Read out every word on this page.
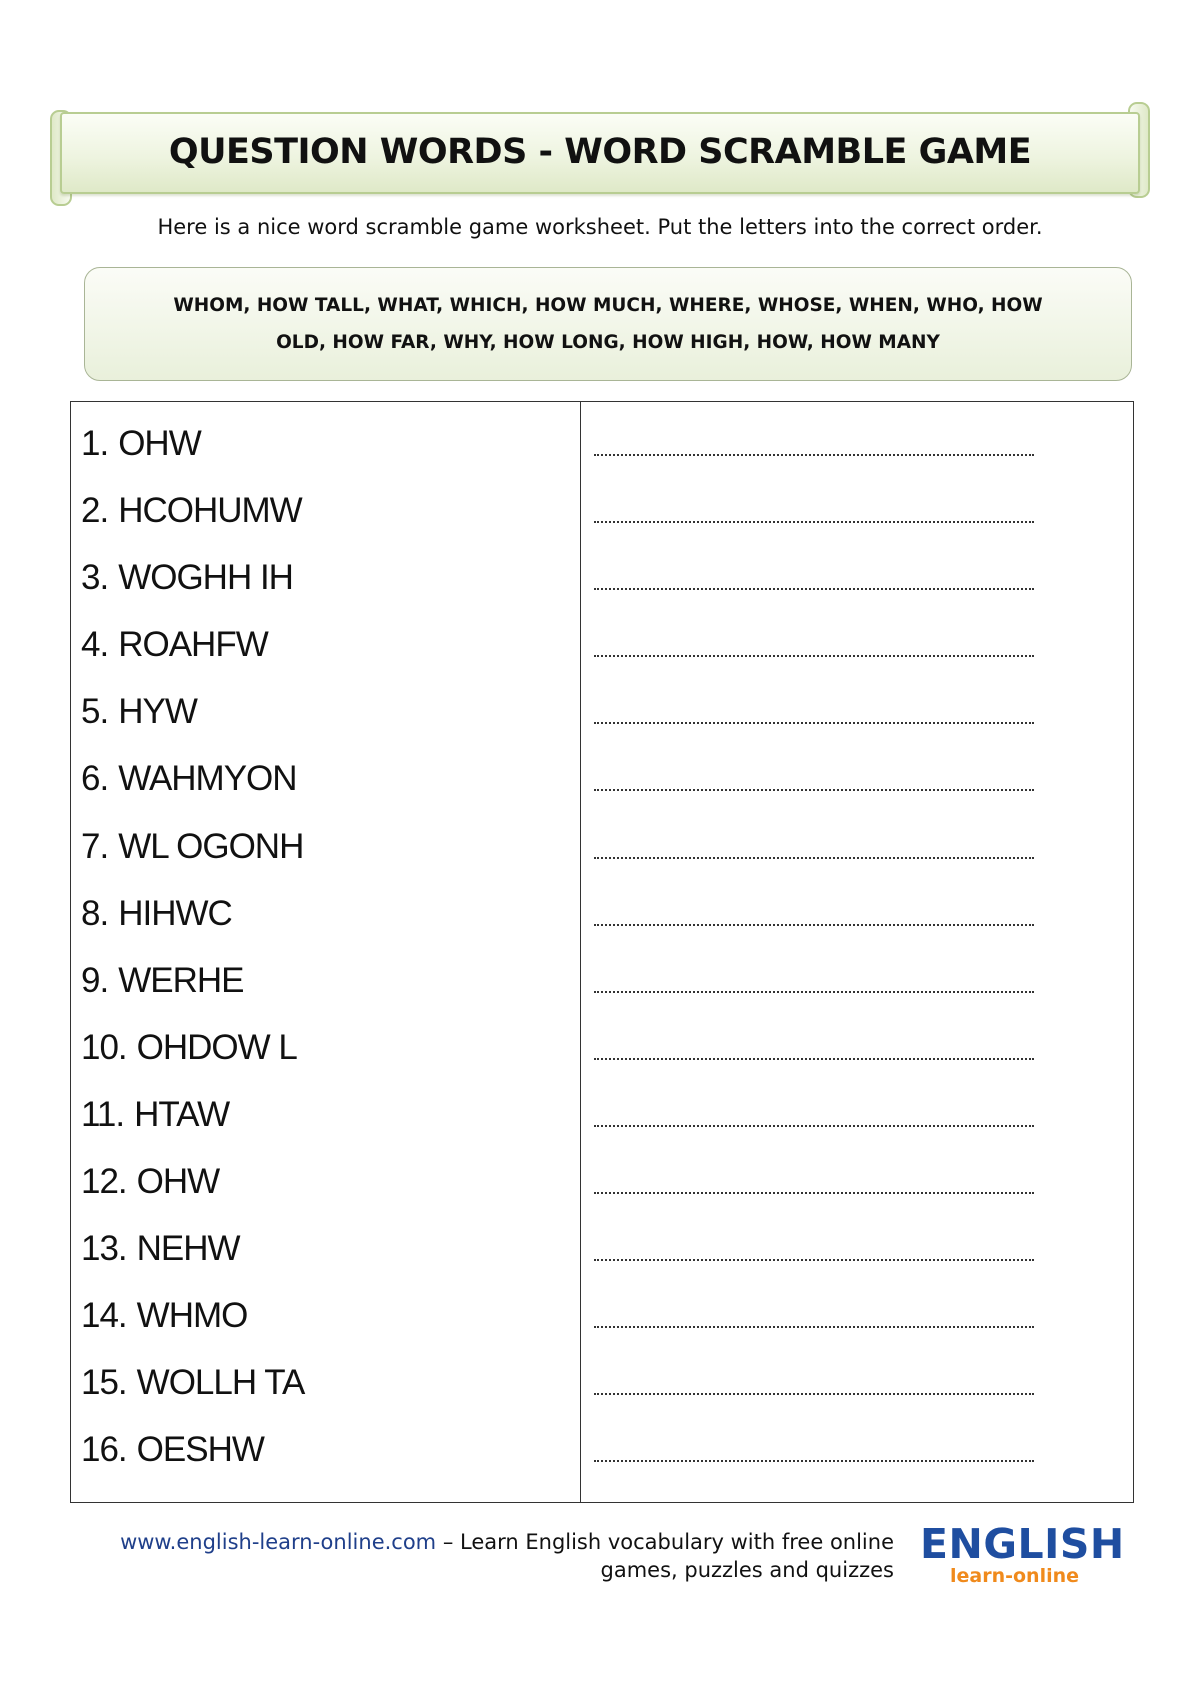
QUESTION WORDS - WORD SCRAMBLE GAME
Here is a nice word scramble game worksheet. Put the letters into the correct order.

WHOM, HOW TALL, WHAT, WHICH, HOW MUCH, WHERE, WHOSE, WHEN, WHO, HOW
OLD, HOW FAR, WHY, HOW LONG, HOW HIGH, HOW, HOW MANY

1. OHW
2. HCOHUMW
3. WOGHH IH
4. ROAHFW
5. HYW
6. WAHMYON
7. WL OGONH
8. HIHWC
9. WERHE
10. OHDOW L
11. HTAW
12. OHW
13. NEHW
14. WHMO
15. WOLLH TA
16. OESHW
www.english-learn-online.com – Learn English vocabulary with free online
games, puzzles and quizzes
ENGLISH
learn-online
